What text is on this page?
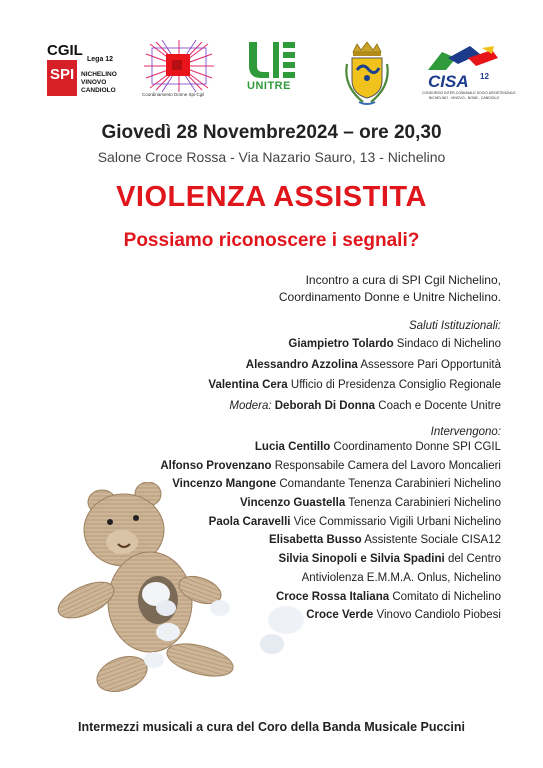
CGIL
Lega 12
SPI NICHELINO
VINOVO
CANDIOLO
Coordinamento Donne Spi-Cgil
UNITRE	CISA 12
CONSORZIO INTER-COMUNALE SOCIO ASSISTENZIALE
NICHELINO - VINOVO - NONE - CANDIOLO
Giovedì 28 Novembre2024 – ore 20,30
Salone Croce Rossa - Via Nazario Sauro, 13 - Nichelino
VIOLENZA ASSISTITA
Possiamo riconoscere i segnali?
Incontro a cura di SPI Cgil Nichelino,
Coordinamento Donne e Unitre Nichelino.
Saluti Istituzionali:
Giampietro Tolardo Sindaco di Nichelino
Alessandro Azzolina Assessore Pari Opportunità
Valentina Cera Ufficio di Presidenza Consiglio Regionale
Modera: Deborah Di Donna Coach e Docente Unitre
Intervengono:
Lucia Centillo Coordinamento Donne SPI CGIL
Alfonso Provenzano Responsabile Camera del Lavoro Moncalieri
Vincenzo Mangone Comandante Tenenza Carabinieri Nichelino
Vincenzo Guastella Tenenza Carabinieri Nichelino
Paola Caravelli Vice Commissario Vigili Urbani Nichelino
Elisabetta Busso Assistente Sociale CISA12
Silvia Sinopoli e Silvia Spadini del Centro
Antiviolenza E.M.M.A. Onlus, Nichelino
Croce Rossa Italiana Comitato di Nichelino
Croce Verde Vinovo Candiolo Piobesi
Intermezzi musicali a cura del Coro della Banda Musicale Puccini
